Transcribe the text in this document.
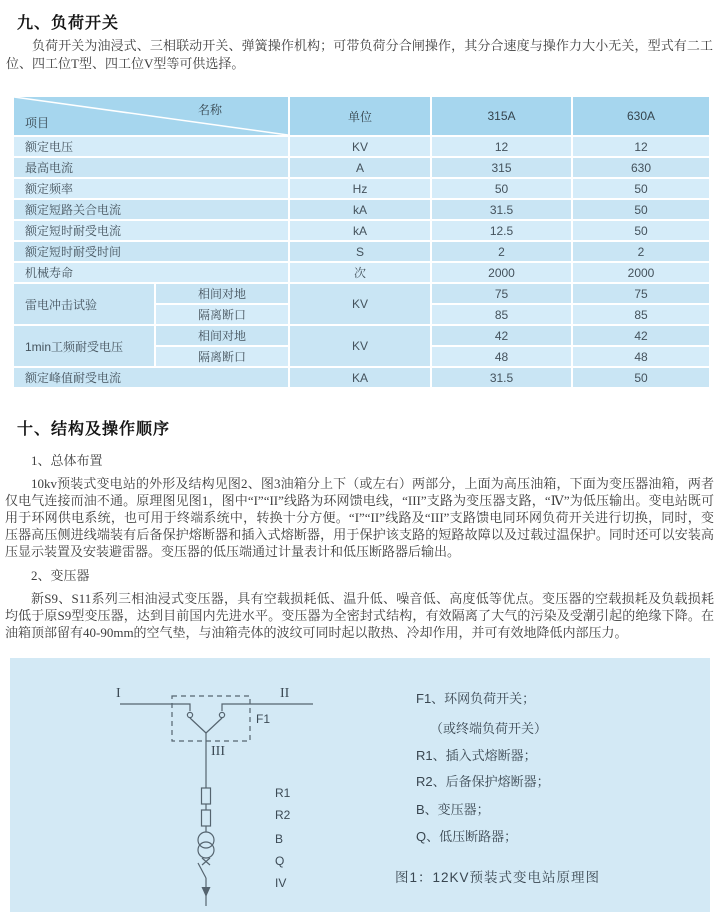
九、负荷开关
负荷开关为油浸式、三相联动开关、弹簧操作机构；可带负荷分合闸操作，其分合速度与操作力大小无关，型式有二工位、四工位T型、四工位V型等可供选择。
名称
项目		单位	315A	630A
额定电压		KV	12	12
最高电流		A	315	630
额定频率		Hz	50	50
额定短路关合电流		kA	31.5	50
额定短时耐受电流		kA	12.5	50
额定短时耐受时间		S	2	2
机械寿命		次	2000	2000
雷电冲击试验	相间对地	KV	75	75
	隔离断口		85	85
1min工频耐受电压	相间对地	KV	42	42
	隔离断口		48	48
额定峰值耐受电流		KA	31.5	50
十、结构及操作顺序

1、总体布置

10kv预装式变电站的外形及结构见图2、图3油箱分上下（或左右）两部分，上面为高压油箱，下面为变压器油箱，两者仅电气连接而油不通。原理图见图1，图中“I”“II”线路为环网馈电线，“III”支路为变压器支路，“Ⅳ”为低压输出。变电站既可用于环网供电系统，也可用于终端系统中，转换十分方便。“I”“II”线路及“III”支路馈电同环网负荷开关进行切换，同时，变压器高压侧进线端装有后备保护熔断器和插入式熔断器，用于保护该支路的短路故障以及过载过温保护。同时还可以安装高压显示装置及安装避雷器。变压器的低压端通过计量表计和低压断路器后输出。

2、变压器

新S9、S11系列三相油浸式变压器，具有空载损耗低、温升低、噪音低、高度低等优点。变压器的空载损耗及负载损耗均低于原S9型变压器，达到目前国内先进水平。变压器为全密封式结构，有效隔离了大气的污染及受潮引起的绝缘下降。在油箱顶部留有40-90mm的空气垫，与油箱壳体的波纹可同时起以散热、冷却作用，并可有效地降低内部压力。

I	II
F1
III
R1
R2
B
Q
IV
F1、环网负荷开关；
（或终端负荷开关）
R1、插入式熔断器；
R2、后备保护熔断器；
B、变压器；
Q、低压断路器；
图1：12KV预装式变电站原理图
